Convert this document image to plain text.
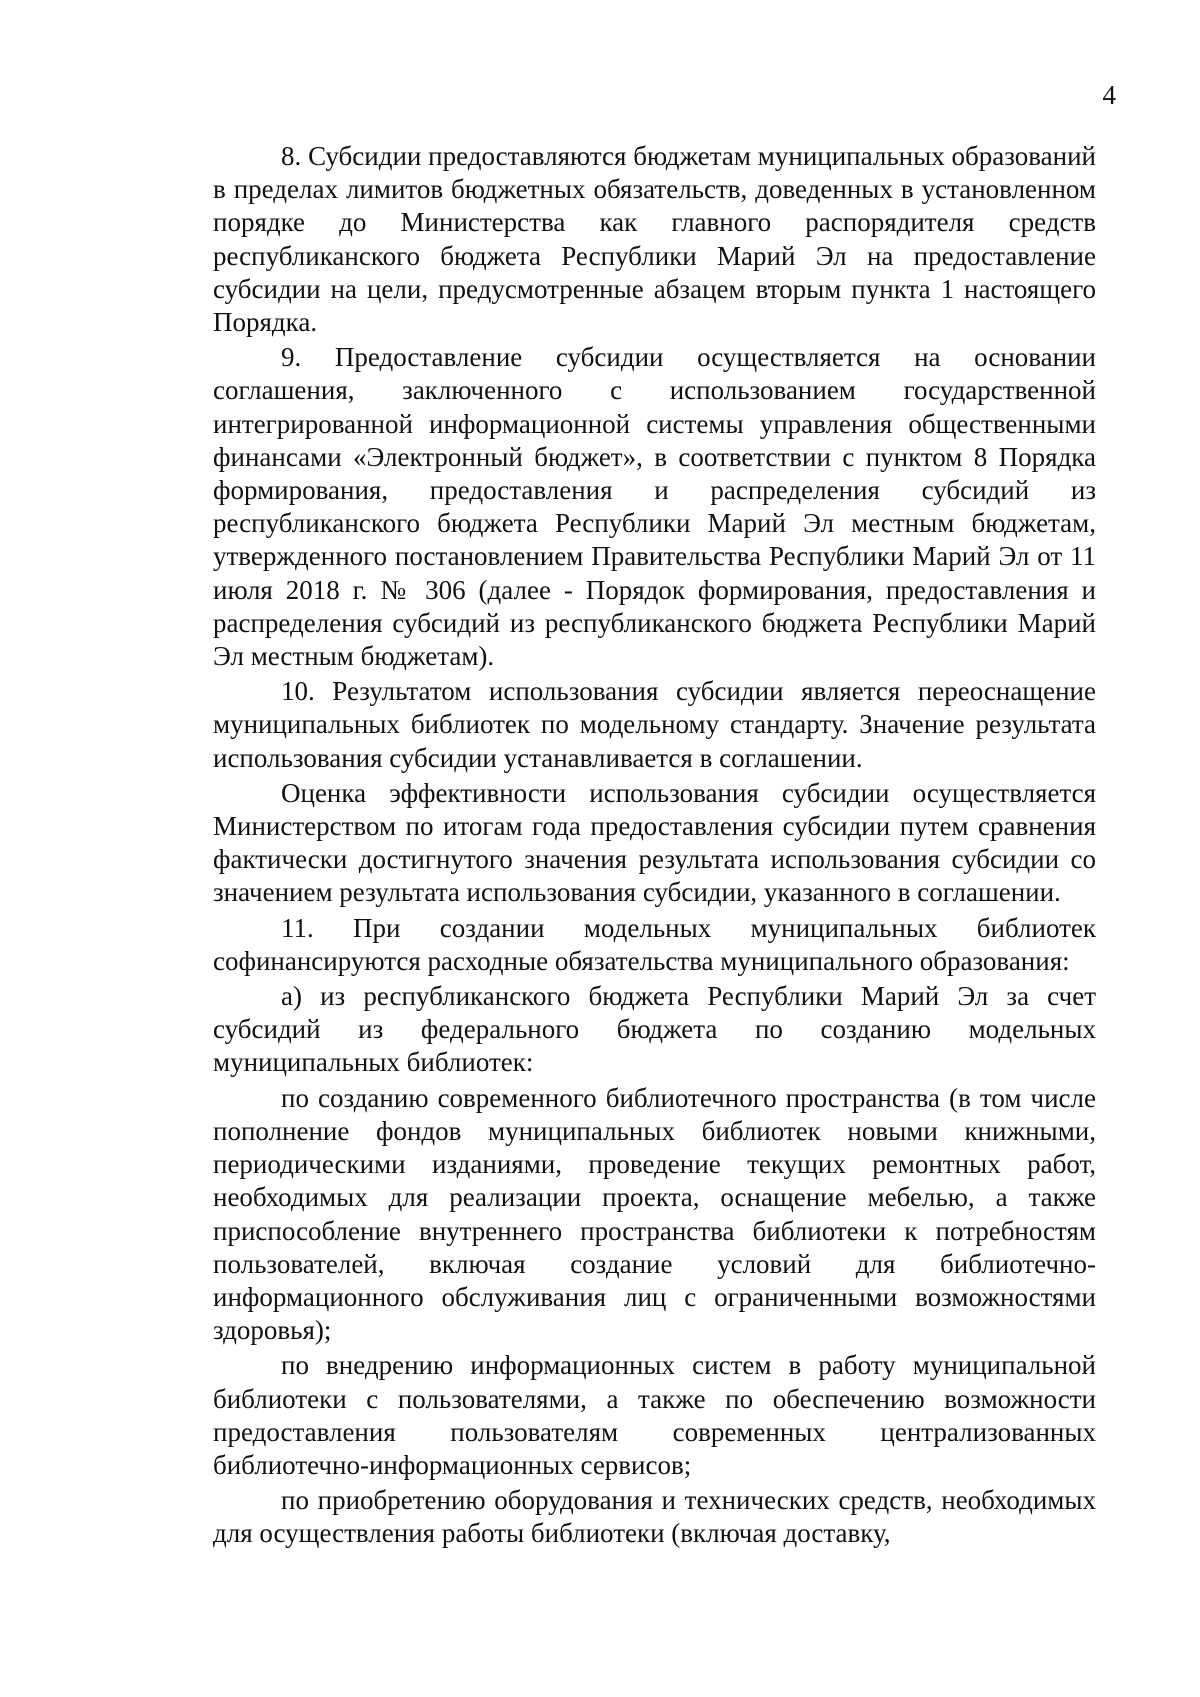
4

8. Субсидии предоставляются бюджетам муниципальных образований в пределах лимитов бюджетных обязательств, доведенных в установленном порядке до Министерства как главного распорядителя средств республиканского бюджета Республики Марий Эл на предоставление субсидии на цели, предусмотренные абзацем вторым пункта 1 настоящего Порядка.

9. Предоставление субсидии осуществляется на основании соглашения, заключенного с использованием государственной интегрированной информационной системы управления общественными финансами «Электронный бюджет», в соответствии с пунктом 8 Порядка формирования, предоставления и распределения субсидий из республиканского бюджета Республики Марий Эл местным бюджетам, утвержденного постановлением Правительства Республики Марий Эл от 11 июля 2018 г. № 306 (далее - Порядок формирования, предоставления и распределения субсидий из республиканского бюджета Республики Марий Эл местным бюджетам).

10. Результатом использования субсидии является переоснащение муниципальных библиотек по модельному стандарту. Значение результата использования субсидии устанавливается в соглашении.

Оценка эффективности использования субсидии осуществляется Министерством по итогам года предоставления субсидии путем сравнения фактически достигнутого значения результата использования субсидии со значением результата использования субсидии, указанного в соглашении.

11. При создании модельных муниципальных библиотек софинансируются расходные обязательства муниципального образования:

а) из республиканского бюджета Республики Марий Эл за счет субсидий из федерального бюджета по созданию модельных муниципальных библиотек:

по созданию современного библиотечного пространства (в том числе пополнение фондов муниципальных библиотек новыми книжными, периодическими изданиями, проведение текущих ремонтных работ, необходимых для реализации проекта, оснащение мебелью, а также приспособление внутреннего пространства библиотеки к потребностям пользователей, включая создание условий для библиотечно-информационного обслуживания лиц с ограниченными возможностями здоровья);

по внедрению информационных систем в работу муниципальной библиотеки с пользователями, а также по обеспечению возможности предоставления пользователям современных централизованных библиотечно-информационных сервисов;

по приобретению оборудования и технических средств, необходимых для осуществления работы библиотеки (включая доставку,
